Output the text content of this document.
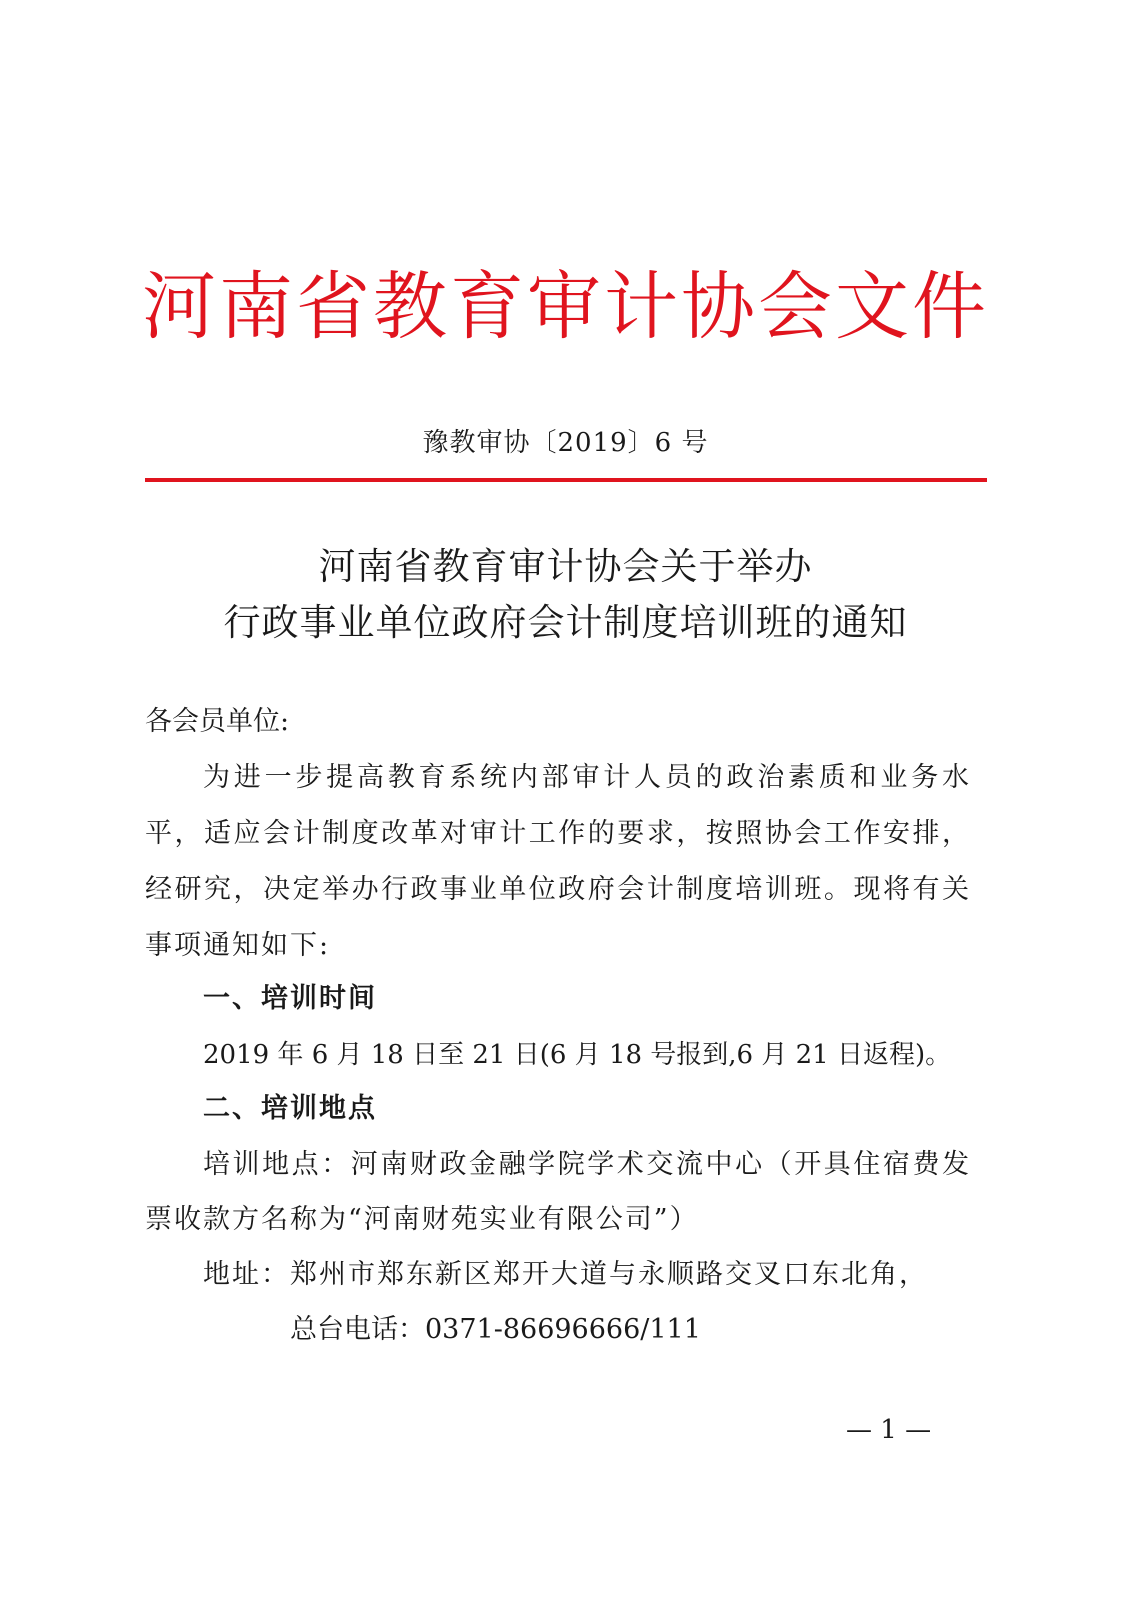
河南省教育审计协会文件
豫教审协〔2019〕6 号
河南省教育审计协会关于举办
行政事业单位政府会计制度培训班的通知
各会员单位:
为进一步提高教育系统内部审计人员的政治素质和业务水
平，适应会计制度改革对审计工作的要求，按照协会工作安排，
经研究，决定举办行政事业单位政府会计制度培训班。现将有关
事项通知如下:
一、培训时间
2019 年 6 月 18 日至 21 日(6 月 18 号报到,6 月 21 日返程)。
二、培训地点
培训地点：河南财政金融学院学术交流中心（开具住宿费发
票收款方名称为“河南财苑实业有限公司”）
地址：郑州市郑东新区郑开大道与永顺路交叉口东北角，
总台电话：0371-86696666/111
— 1 —
